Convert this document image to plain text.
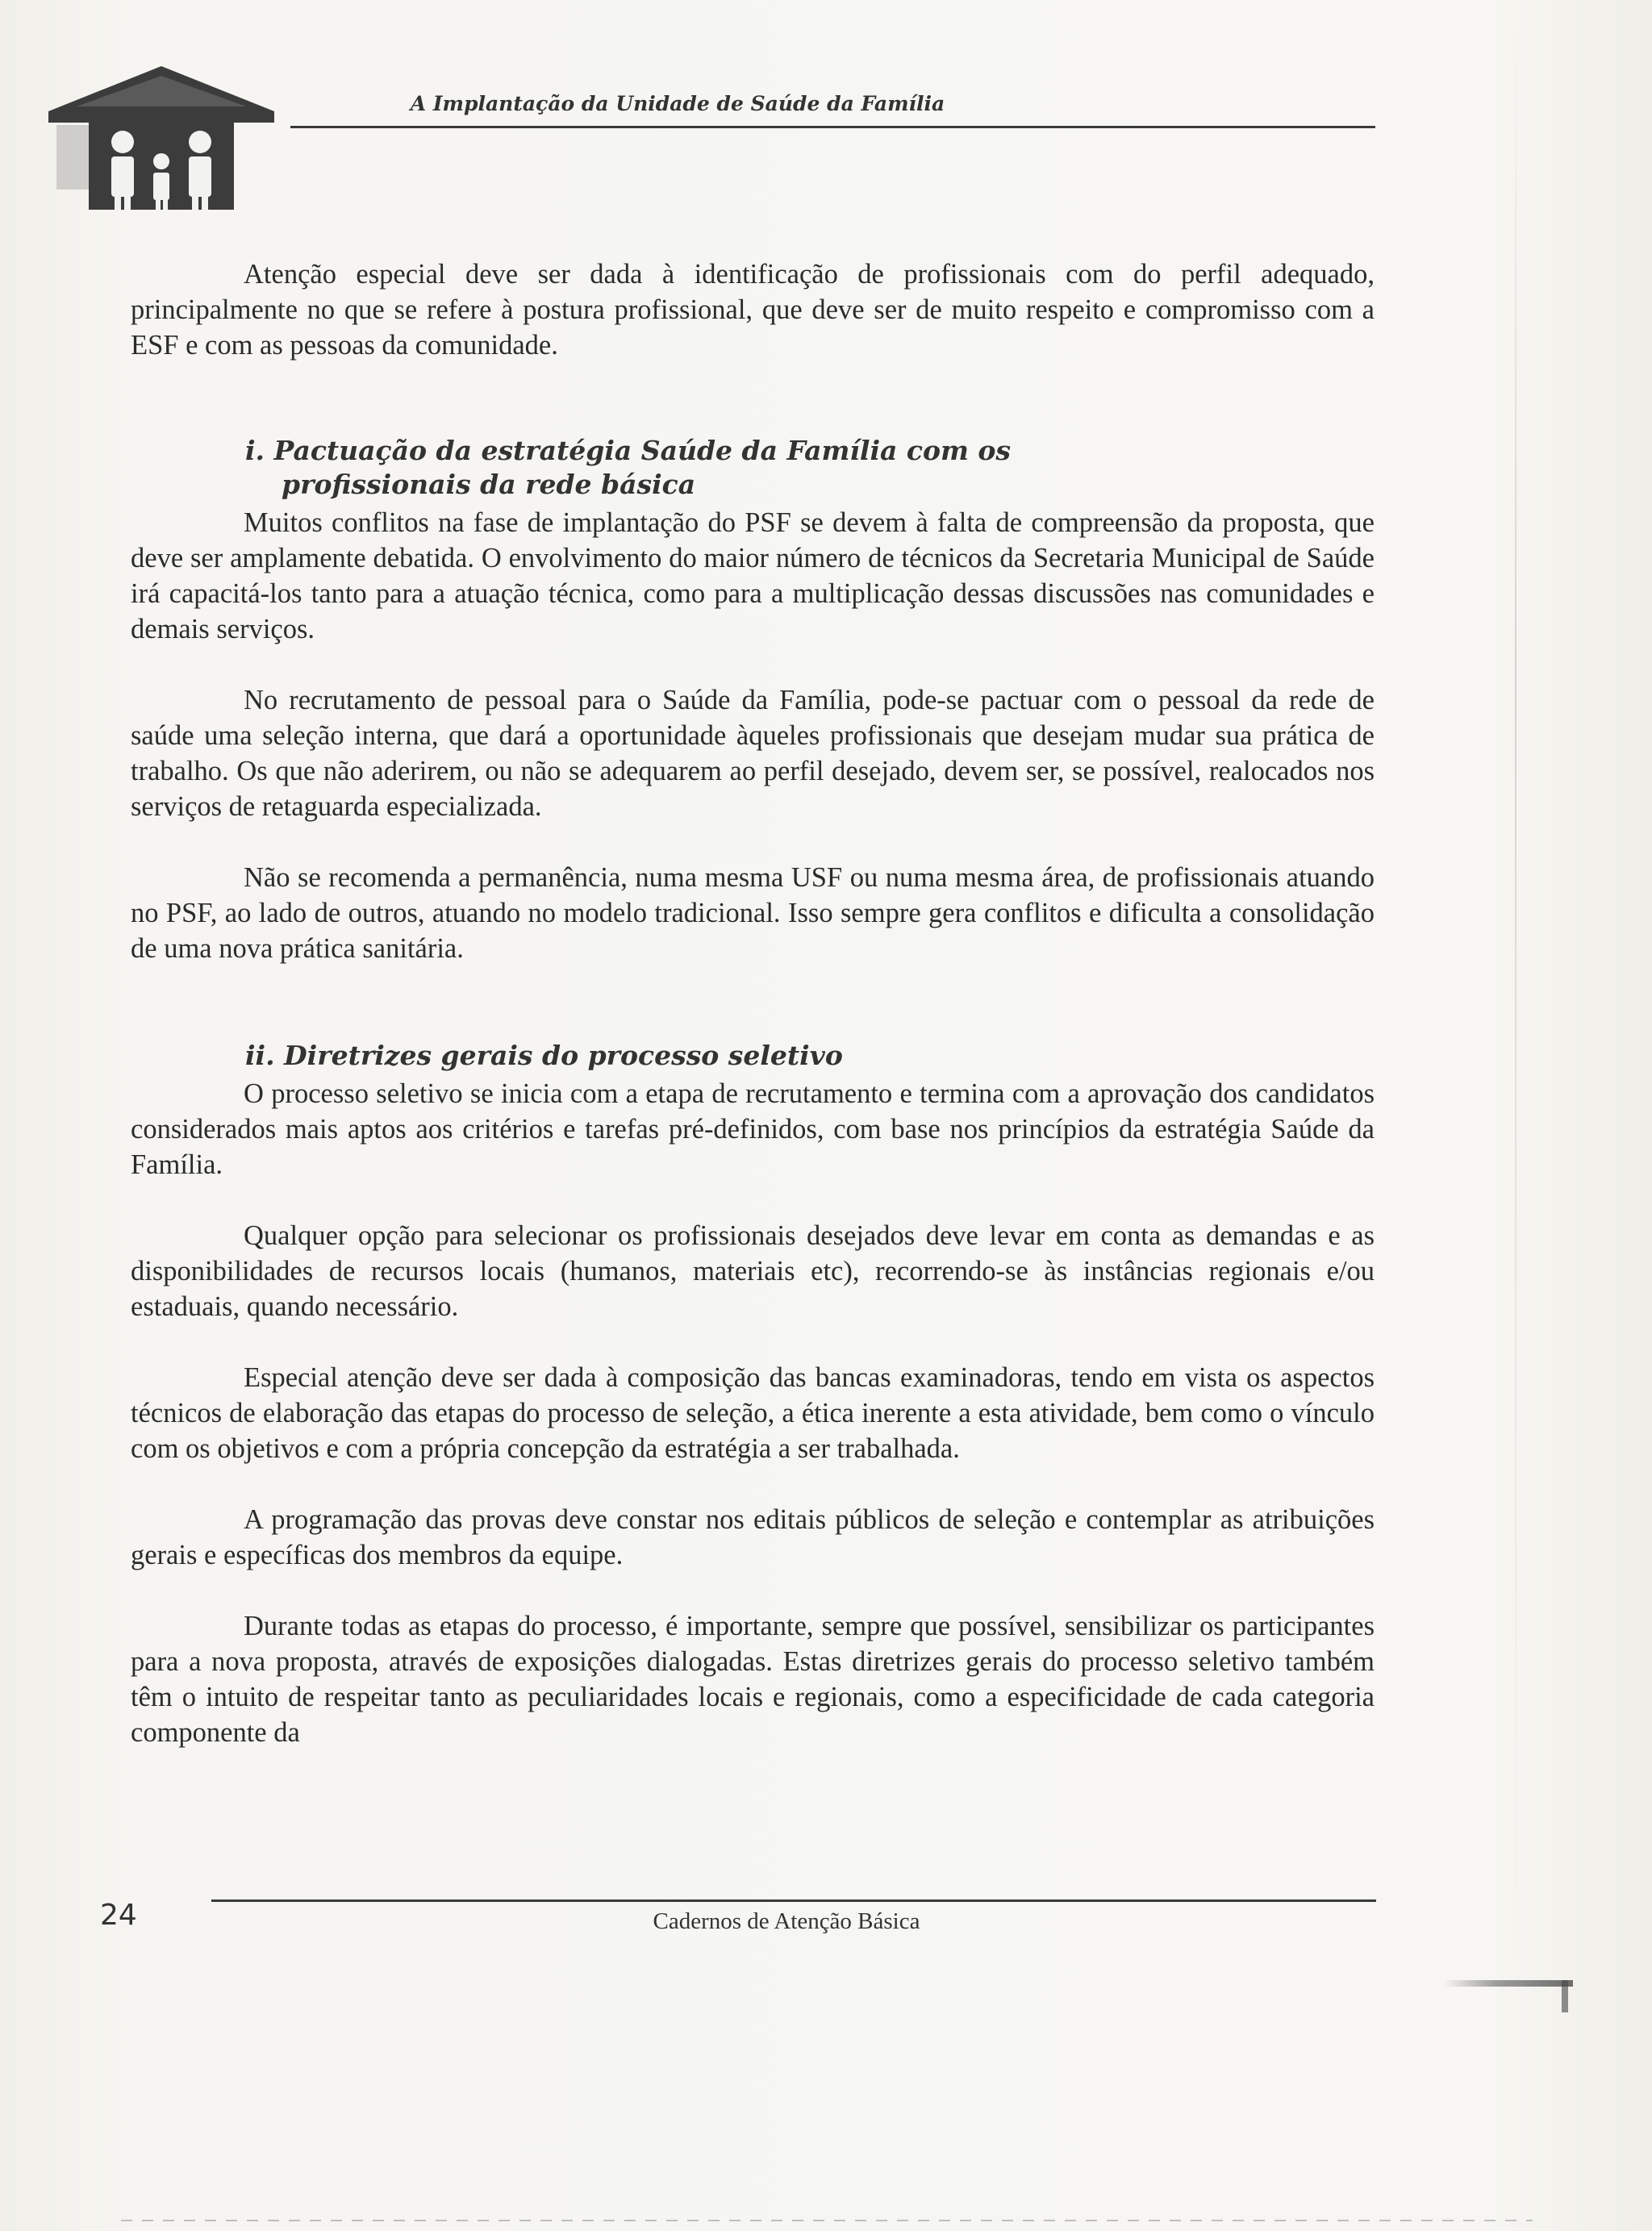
A Implantação da Unidade de Saúde da Família

Atenção especial deve ser dada à identificação de profissionais com do perfil adequado, principalmente no que se refere à postura profissional, que deve ser de muito respeito e compromisso com a ESF e com as pessoas da comunidade.

i. Pactuação da estratégia Saúde da Família com os
profissionais da rede básica

Muitos conflitos na fase de implantação do PSF se devem à falta de compreensão da proposta, que deve ser amplamente debatida. O envolvimento do maior número de técnicos da Secretaria Municipal de Saúde irá capacitá-los tanto para a atuação técnica, como para a multiplicação dessas discussões nas comunidades e demais serviços.

No recrutamento de pessoal para o Saúde da Família, pode-se pactuar com o pessoal da rede de saúde uma seleção interna, que dará a oportunidade àqueles profissionais que desejam mudar sua prática de trabalho. Os que não aderirem, ou não se adequarem ao perfil desejado, devem ser, se possível, realocados nos serviços de retaguarda especializada.

Não se recomenda a permanência, numa mesma USF ou numa mesma área, de profissionais atuando no PSF, ao lado de outros, atuando no modelo tradicional. Isso sempre gera conflitos e dificulta a consolidação de uma nova prática sanitária.

ii. Diretrizes gerais do processo seletivo

O processo seletivo se inicia com a etapa de recrutamento e termina com a aprovação dos candidatos considerados mais aptos aos critérios e tarefas pré-definidos, com base nos princípios da estratégia Saúde da Família.

Qualquer opção para selecionar os profissionais desejados deve levar em conta as demandas e as disponibilidades de recursos locais (humanos, materiais etc), recorrendo-se às instâncias regionais e/ou estaduais, quando necessário.

Especial atenção deve ser dada à composição das bancas examinadoras, tendo em vista os aspectos técnicos de elaboração das etapas do processo de seleção, a ética inerente a esta atividade, bem como o vínculo com os objetivos e com a própria concepção da estratégia a ser trabalhada.

A programação das provas deve constar nos editais públicos de seleção e contemplar as atribuições gerais e específicas dos membros da equipe.

Durante todas as etapas do processo, é importante, sempre que possível, sensibilizar os participantes para a nova proposta, através de exposições dialogadas. Estas diretrizes gerais do processo seletivo também têm o intuito de respeitar tanto as peculiaridades locais e regionais, como a especificidade de cada categoria componente da

24	Cadernos de Atenção Básica
